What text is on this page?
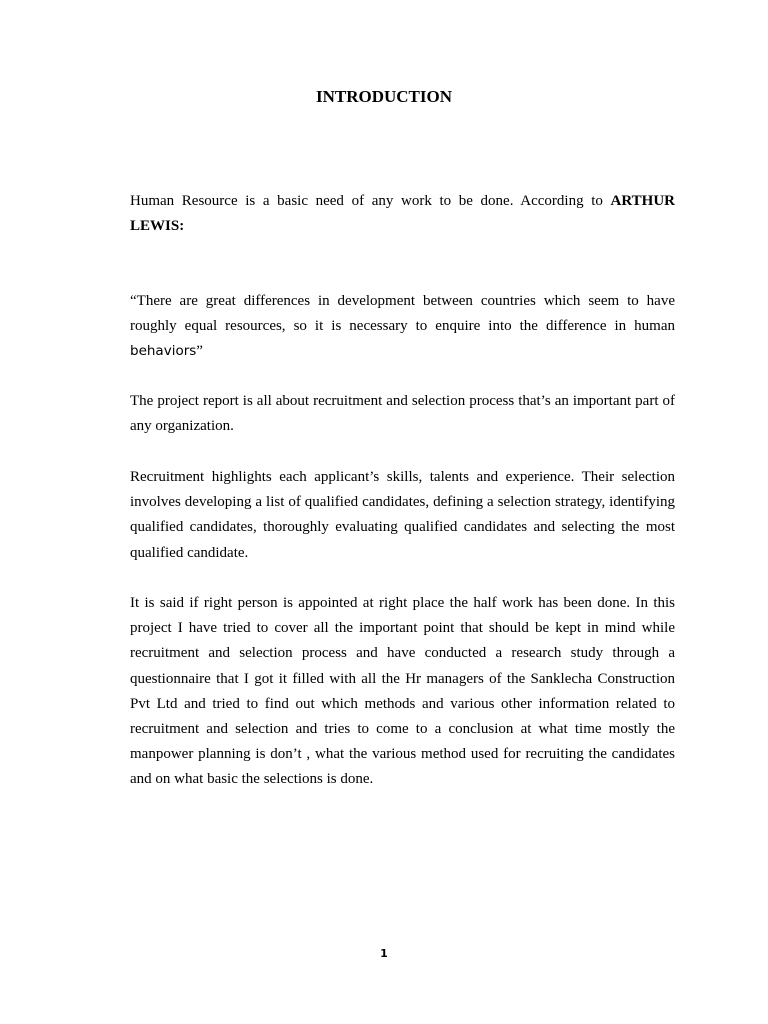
INTRODUCTION

Human Resource is a basic need of any work to be done. According to ARTHUR LEWIS:

“There are great differences in development between countries which seem to have roughly equal resources, so it is necessary to enquire into the difference in human behaviors”

The project report is all about recruitment and selection process that’s an important part of any organization.

Recruitment highlights each applicant’s skills, talents and experience. Their selection involves developing a list of qualified candidates, defining a selection strategy, identifying qualified candidates, thoroughly evaluating qualified candidates and selecting the most qualified candidate.

It is said if right person is appointed at right place the half work has been done. In this project I have tried to cover all the important point that should be kept in mind while recruitment and selection process and have conducted a research study through a questionnaire that I got it filled with all the Hr managers of the Sanklecha Construction Pvt Ltd and tried to find out which methods and various other information related to recruitment and selection and tries to come to a conclusion at what time mostly the manpower planning is don’t , what the various method used for recruiting the candidates and on what basic the selections is done.

1
